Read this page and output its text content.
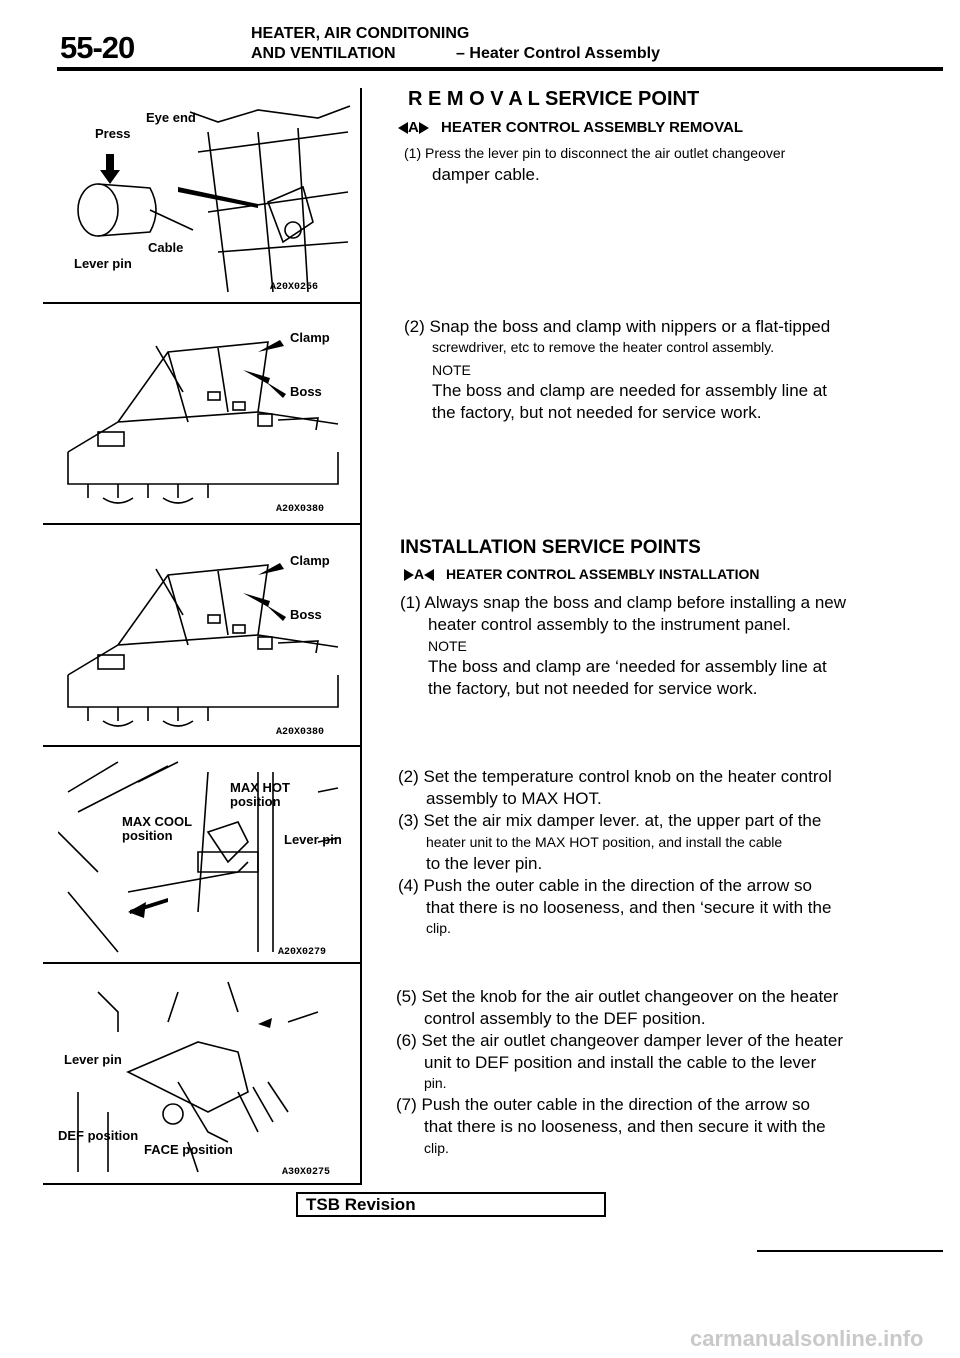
55-20	HEATER, AIR CONDITONING
AND VENTILATION	– Heater Control Assembly
A20X0256
Eye end
Press
Cable
Lever pin
A20X0380
Clamp
Boss
A20X0380
Clamp
Boss
A20X0279
MAX HOT
position
MAX COOL
position	Lever pin
A30X0275
Lever pin
DEF position
FACE position
R E M O V A L SERVICE POINT
A HEATER CONTROL ASSEMBLY REMOVAL
(1) Press the lever pin to disconnect the air outlet changeover
damper cable.
(2) Snap the boss and clamp with nippers or a flat-tipped
screwdriver, etc to remove the heater control assembly.
NOTE
The boss and clamp are needed for assembly line at
the factory, but not needed for service work.
INSTALLATION SERVICE POINTS
A HEATER CONTROL ASSEMBLY INSTALLATION
(1) Always snap the boss and clamp before installing a new
heater control assembly to the instrument panel.
NOTE
The boss and clamp are ‘needed for assembly line at
the factory, but not needed for service work.
(2) Set the temperature control knob on the heater control
assembly to MAX HOT.
(3) Set the air mix damper lever. at, the upper part of the
heater unit to the MAX HOT position, and install the cable
to the lever pin.
(4) Push the outer cable in the direction of the arrow so
that there is no looseness, and then ‘secure it with the
clip.
(5) Set the knob for the air outlet changeover on the heater
control assembly to the DEF position.
(6) Set the air outlet changeover damper lever of the heater
unit to DEF position and install the cable to the lever
pin.
(7) Push the outer cable in the direction of the arrow so
that there is no looseness, and then secure it with the
clip.
TSB Revision
carmanualsonline.info
